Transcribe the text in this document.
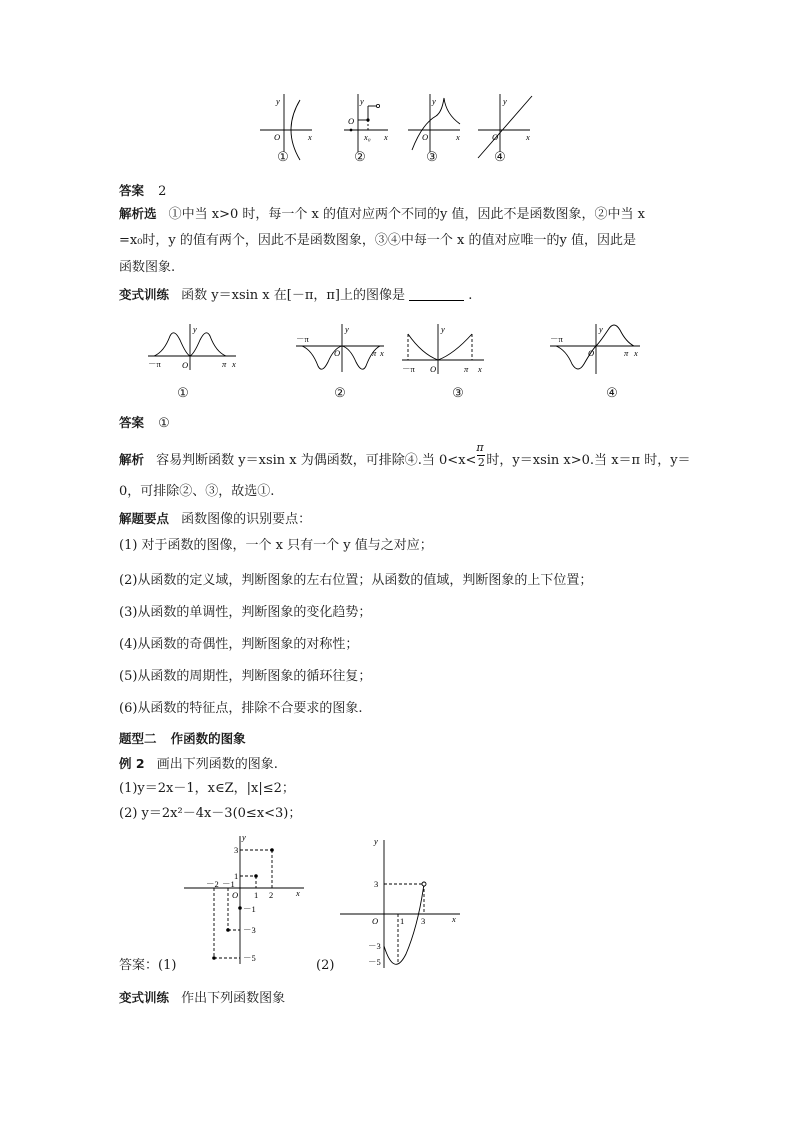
y
O	x
y
O
x₀ x
y
O	x
y
O	x
①	②	③	④
答案 2
解析选 ①中当 x>0 时，每一个 x 的值对应两个不同的y 值，因此不是函数图象，②中当 x
=x₀时，y 的值有两个，因此不是函数图象，③④中每一个 x 的值对应唯一的y 值，因此是
函数图象.
变式训练 函数 y＝xsin x 在[－π，π]上的图像是	.
－π	π x
y
O
－π
π x
y
O
－π	π x
y
O
－π
π x
y
O
①	②	③	④
答案 ①
解析 容易判断函数 y＝xsin x 为偶函数，可排除④.当 $0<x< \frac{\pi}{2}$ 时，y＝xsin x>0.当 x＝π 时，y＝
0，可排除②、③，故选①.
解题要点 函数图像的识别要点：
(1) 对于函数的图像，一个 x 只有一个 y 值与之对应；
(2)从函数的定义域，判断图象的左右位置；从函数的值域，判断图象的上下位置；
(3)从函数的单调性，判断图象的变化趋势；
(4)从函数的奇偶性，判断图象的对称性；
(5)从函数的周期性，判断图象的循环往复；
(6)从函数的特征点，排除不合要求的图象.
题型二 作函数的图象
例 2 画出下列函数的图象.
(1)y＝2x－1，x∈Z，|x|≤2；
(2) y＝2x²－4x－3(0≤x<3)；
y
x
O
－2 －1
1 2
3
1
－1
－3
－5
答案：(1)	(2)
y
x
O	1 3
3
－3
－5
变式训练 作出下列函数图象
